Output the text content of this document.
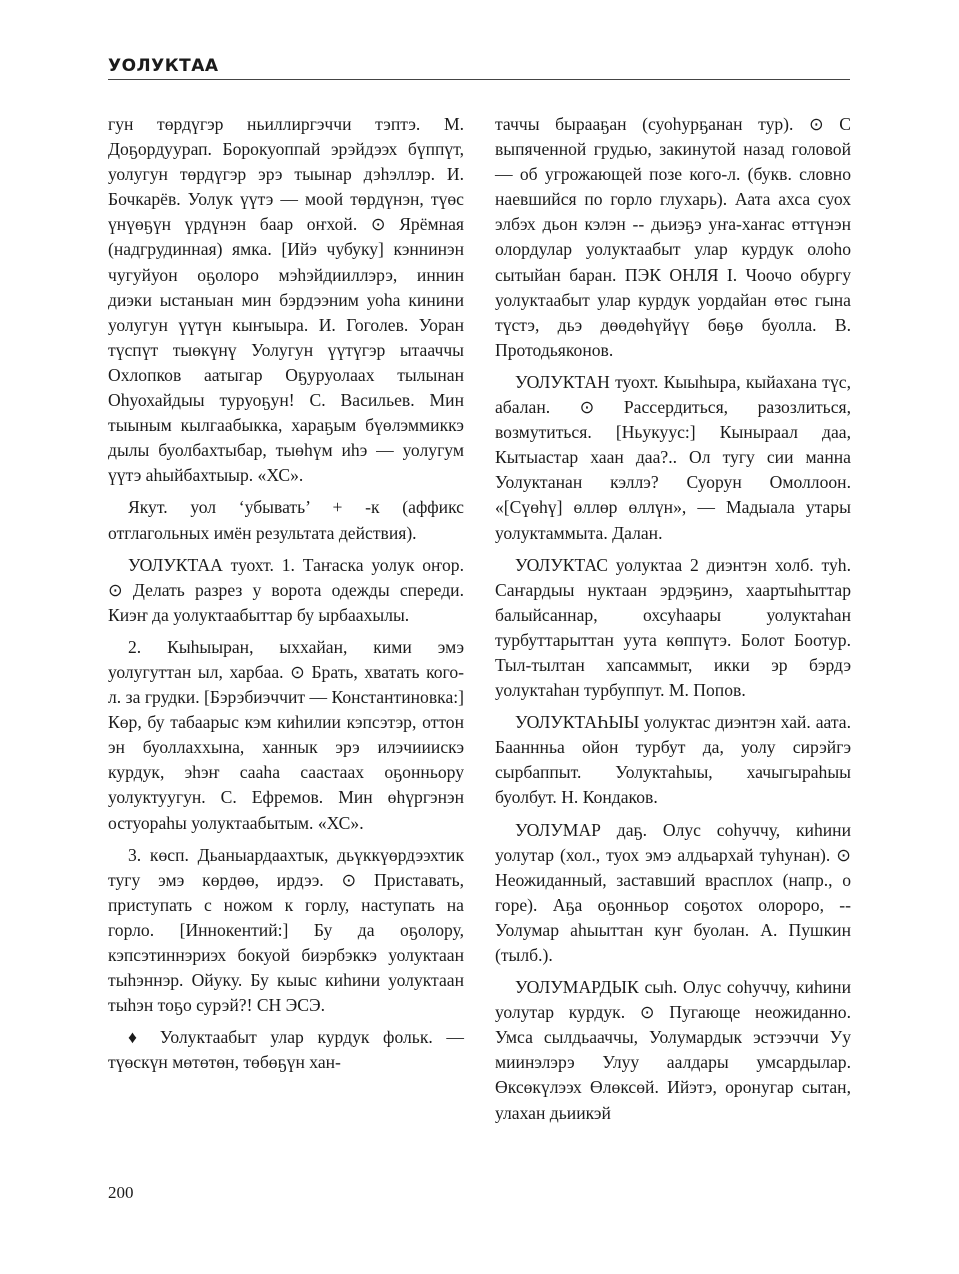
УОЛУКТАА

гун төрдүгэр ньиллиргэччи тэптэ. М. Доҕордуурап. Борокуоппай эрэйдээх бүппүт, уолугун төрдүгэр эрэ тыынар дэһэллэр. И. Бочкарёв. Уолук үүтэ — моой төрдүнэн, түөс үнүөҕүн үрдүнэн баар оҥхой. ⊙ Ярёмная (надгрудинная) ямка. [Ийэ чубуку] кэннинэн чугуйуон оҕолоро мэһэйдииллэрэ, иннин диэки ыстаныан мин бэрдээним уоһа кинини уолугун үүтүн кыҥыыра. И. Гоголев. Уоран түспүт тыөкүнү Уолугун үүтүгэр ытааччы Охлопков аатыгар Оҕуруолаах тылынан Оһуохайдыы туруоҕун! С. Васильев. Мин тыыным кылгаабыкка, хараҕым бүөлэммиккэ дылы буолбахтыбар, тыөһүм иһэ — уолугум үүтэ аһыйбахтыыр. «ХС».

Якут. уол ‘убывать’ + -к (аффикс отглагольных имён результата действия).

УОЛУКТАА туохт. 1. Таҥаска уолук оҥор. ⊙ Делать разрез у ворота одежды спереди. Киэҥ да уолуктаабыттар бу ырбаахылы.

2. Кыһыыран, ыххайан, кими эмэ уолугуттан ыл, харбаа. ⊙ Брать, хватать кого-л. за грудки. [Бэрэбиэччит — Константиновка:] Көр, бу табаарыс кэм киһилии кэпсэтэр, оттон эн буоллаххына, ханнык эрэ илэчииискэ курдук, эһэҥ сааһа саастаах оҕонньору уолуктуугун. С. Ефремов. Мин өһүргэнэн остуораһы уолуктаабытым. «ХС».

3. көсп. Дьаныардаахтык, дьүккүөрдээхтик тугу эмэ көрдөө, ирдээ. ⊙ Приставать, приступать с ножом к горлу, наступать на горло. [Иннокентий:] Бу да оҕолору, кэпсэтиннэриэх бокуой биэрбэккэ уолуктаан тыһэннэр. Ойуку. Бу кыыс киһини уолуктаан тыһэн тоҕо сурэй?! СН ЭСЭ.

♦ Уолуктаабыт улар курдук фольк. — түөскүн мөтөтөн, төбөҕүн хан-

таччы бырааҕан (суоһурҕанан тур). ⊙ С выпяченной грудью, закинутой назад головой — об угрожающей позе кого-л. (букв. словно наевшийся по горло глухарь). Аата ахса суох элбэх дьон кэлэн -- дьиэҕэ уҥа-хаҥас өттүнэн олордулар уолуктаабыт улар курдук олоһо сытыйан баран. ПЭК ОНЛЯ I. Чоочо обургу уолуктаабыт улар курдук уордайан өтөс гына түстэ, дьэ дөөдөһүйүү бөҕө буолла. В. Протодьяконов.

УОЛУКТАН туохт. Кыыһыра, кыйахана түс, абалан. ⊙ Рассердиться, разозлиться, возмутиться. [Ньукуус:] Кыныраал даа, Кытыастар хаан даа?.. Ол тугу сии манна Уолуктанан кэллэ? Суорун Омоллоон. «[Сүөһү] өллөр өллүн», — Мадыала утары уолуктаммыта. Далан.

УОЛУКТАС уолуктаа 2 диэнтэн холб. туһ. Саҥардыы нуктаан эрдэҕинэ, хаартыһыттар балыйсаннар, охсуһаары уолуктаһан турбуттарыттан уута көппүтэ. Болот Боотур. Тыл-тылтан хапсаммыт, икки эр бэрдэ уолуктаһан турбуппут. М. Попов.

УОЛУКТАҺЫЫ уолуктас диэнтэн хай. аата. Бааннньа ойон турбут да, уолу сирэйгэ сырбаппыт. Уолуктаһыы, хачыгыраһыы буолбут. Н. Кондаков.

УОЛУМАР даҕ. Олус соһуччу, киһини уолутар (хол., туох эмэ алдьархай туһунан). ⊙ Неожиданный, заставший врасплох (напр., о горе). Аҕа оҕонньор соҕотох олороро, -- Уолумар аһыыттан куҥ буолан. А. Пушкин (тылб.).

УОЛУМАРДЫК сыһ. Олус соһуччу, киһини уолутар курдук. ⊙ Пугающе неожиданно. Умса сылдьааччы, Уолумардык эстээччи Уу миинэлэрэ Улуу аалдары умсардылар. Өксөкүлээх Өлөксөй. Ийэтэ, оронугар сытан, улахан дьиикэй

200
